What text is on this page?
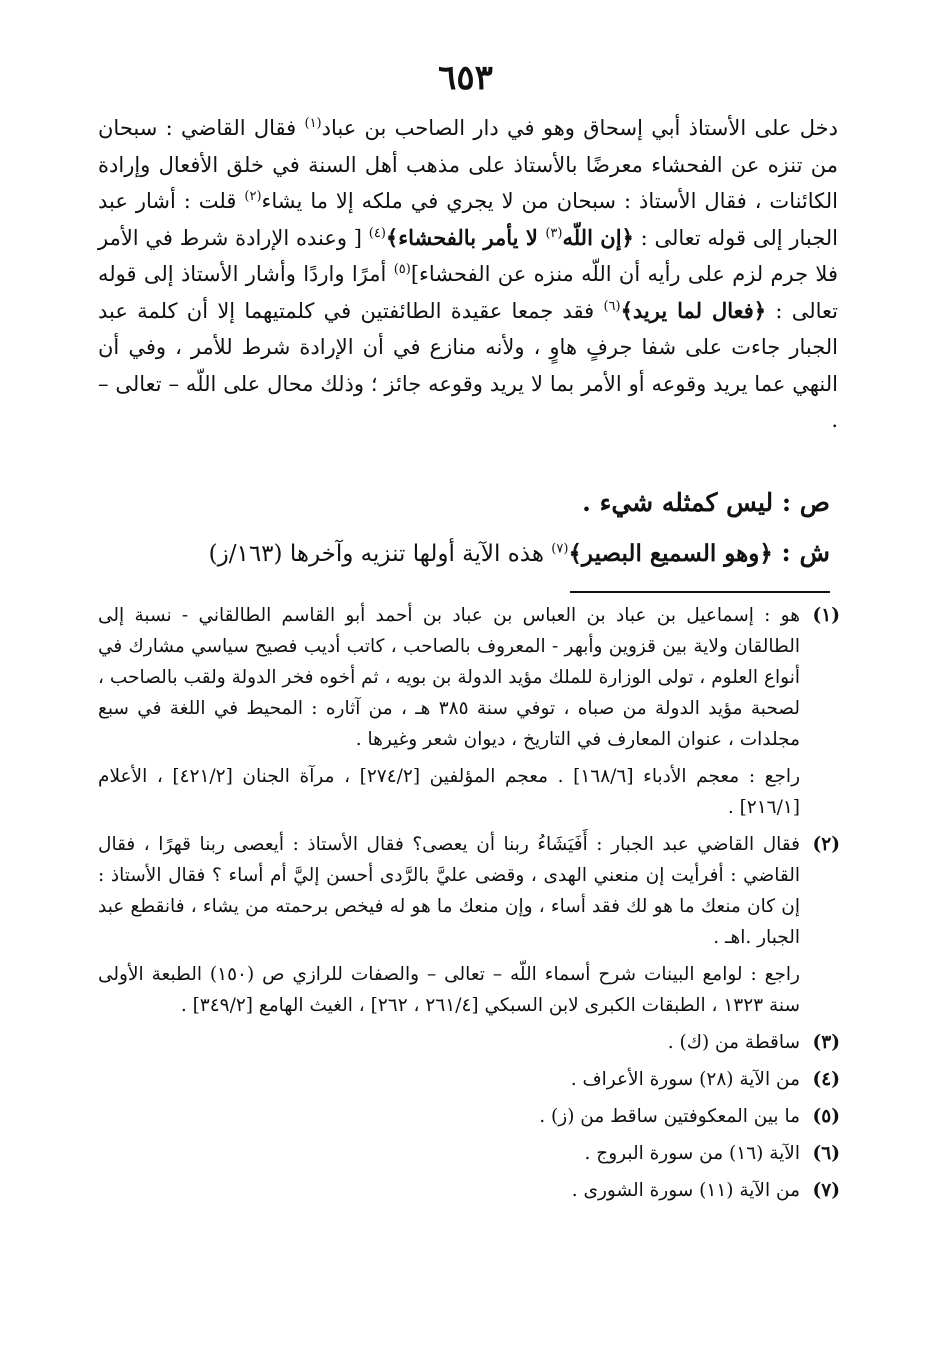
٦٥٣

دخل على الأستاذ أبي إسحاق وهو في دار الصاحب بن عباد$^{(١)}$ فقال القاضي : سبحان من تنزه عن الفحشاء معرضًا بالأستاذ على مذهب أهل السنة في خلق الأفعال وإرادة الكائنات ، فقال الأستاذ : سبحان من لا يجري في ملكه إلا ما يشاء$^{(٢)}$ قلت : أشار عبد الجبار إلى قوله تعالى : ﴿إن اللّه$^{(٣)}$ لا يأمر بالفحشاء﴾$^{(٤)}$ [ وعنده الإرادة شرط في الأمر فلا جرم لزم على رأيه أن اللّه منزه عن الفحشاء]$^{(٥)}$ أمرًا واردًا وأشار الأستاذ إلى قوله تعالى : ﴿فعال لما يريد﴾$^{(٦)}$ فقد جمعا عقيدة الطائفتين في كلمتيهما إلا أن كلمة عبد الجبار جاءت على شفا جرفٍ هاوٍ ، ولأنه منازع في أن الإرادة شرط للأمر ، وفي أن النهي عما يريد وقوعه أو الأمر بما لا يريد وقوعه جائز ؛ وذلك محال على اللّه – تعالى – .

ص : ليس كمثله شيء .
ش : ﴿وهو السميع البصير﴾$^{(٧)}$ هذه الآية أولها تنزيه وآخرها (١٦٣/ز)
(١)
هو : إسماعيل بن عباد بن العباس بن عباد بن أحمد أبو القاسم الطالقاني - نسبة إلى الطالقان ولاية بين قزوين وأبهر - المعروف بالصاحب ، كاتب أديب فصيح سياسي مشارك في أنواع العلوم ، تولى الوزارة للملك مؤيد الدولة بن بويه ، ثم أخوه فخر الدولة ولقب بالصاحب ، لصحبة مؤيد الدولة من صباه ، توفي سنة ٣٨٥ هـ ، من آثاره : المحيط في اللغة في سبع مجلدات ، عنوان المعارف في التاريخ ، ديوان شعر وغيرها .
راجع : معجم الأدباء [١٦٨/٦] . معجم المؤلفين [٢٧٤/٢] ، مرآة الجنان [٤٢١/٢] ، الأعلام [٢١٦/١] .
(٢)
فقال القاضي عبد الجبار : أَفَيَشَاءُ ربنا أن يعصى؟ فقال الأستاذ : أيعصى ربنا قهرًا ، فقال القاضي : أفرأيت إن منعني الهدى ، وقضى عليَّ بالرَّدى أحسن إليَّ أم أساء ؟ فقال الأستاذ : إن كان منعك ما هو لك فقد أساء ، وإن منعك ما هو له فيخص برحمته من يشاء ، فانقطع عبد الجبار .اهـ .
راجع : لوامع البينات شرح أسماء اللّه – تعالى – والصفات للرازي ص (١٥٠) الطبعة الأولى سنة ١٣٢٣ ، الطبقات الكبرى لابن السبكي [٢٦١/٤ ، ٢٦٢] ، الغيث الهامع [٣٤٩/٢] .
(٣)
ساقطة من (ك) .
(٤)
من الآية (٢٨) سورة الأعراف .
(٥)
ما بين المعكوفتين ساقط من (ز) .
(٦)
الآية (١٦) من سورة البروج .
(٧)
من الآية (١١) سورة الشورى .
